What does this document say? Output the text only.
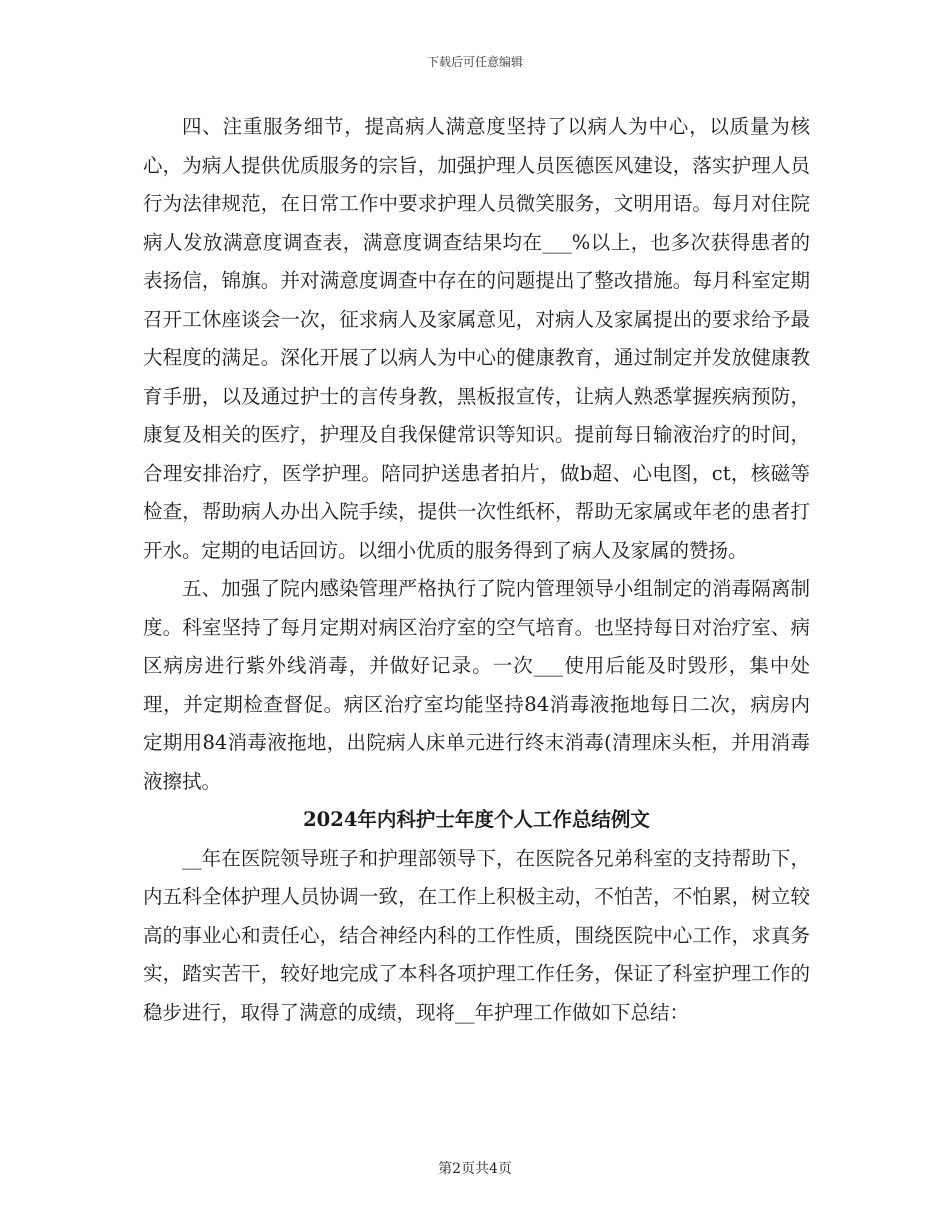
下载后可任意编辑

四、注重服务细节，提高病人满意度坚持了以病人为中心，以质量为核心，为病人提供优质服务的宗旨，加强护理人员医德医风建设，落实护理人员行为法律规范，在日常工作中要求护理人员微笑服务，文明用语。每月对住院病人发放满意度调查表，满意度调查结果均在___%以上，也多次获得患者的表扬信，锦旗。并对满意度调查中存在的问题提出了整改措施。每月科室定期召开工休座谈会一次，征求病人及家属意见，对病人及家属提出的要求给予最大程度的满足。深化开展了以病人为中心的健康教育，通过制定并发放健康教育手册，以及通过护士的言传身教，黑板报宣传，让病人熟悉掌握疾病预防，康复及相关的医疗，护理及自我保健常识等知识。提前每日输液治疗的时间，合理安排治疗，医学护理。陪同护送患者拍片，做b超、心电图，ct，核磁等检查，帮助病人办出入院手续，提供一次性纸杯，帮助无家属或年老的患者打开水。定期的电话回访。以细小优质的服务得到了病人及家属的赞扬。

五、加强了院内感染管理严格执行了院内管理领导小组制定的消毒隔离制度。科室坚持了每月定期对病区治疗室的空气培育。也坚持每日对治疗室、病区病房进行紫外线消毒，并做好记录。一次___使用后能及时毁形，集中处理，并定期检查督促。病区治疗室均能坚持84消毒液拖地每日二次，病房内定期用84消毒液拖地，出院病人床单元进行终末消毒(清理床头柜，并用消毒液擦拭。

2024年内科护士年度个人工作总结例文

__年在医院领导班子和护理部领导下，在医院各兄弟科室的支持帮助下，内五科全体护理人员协调一致，在工作上积极主动，不怕苦，不怕累，树立较高的事业心和责任心，结合神经内科的工作性质，围绕医院中心工作，求真务实，踏实苦干，较好地完成了本科各项护理工作任务，保证了科室护理工作的稳步进行，取得了满意的成绩，现将__年护理工作做如下总结：

第2页共4页
